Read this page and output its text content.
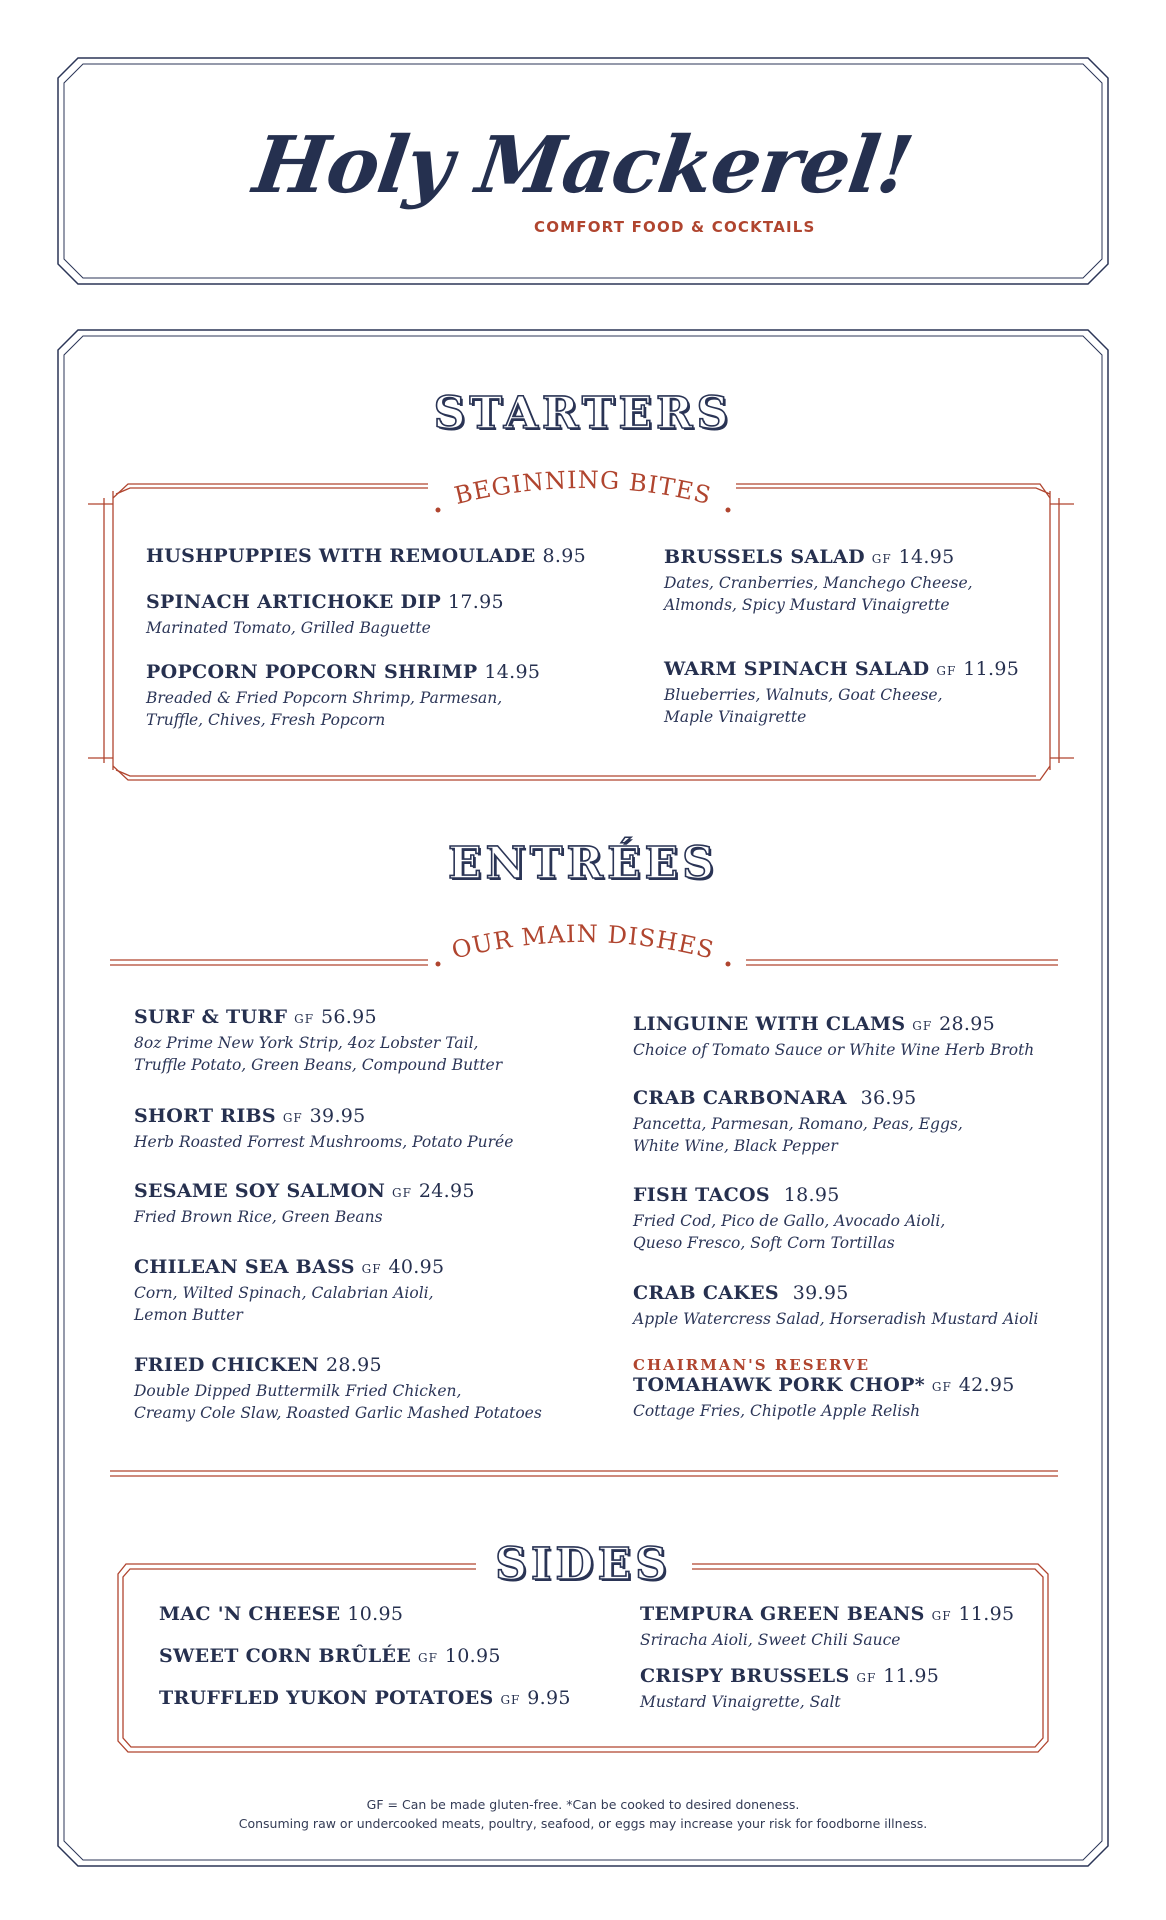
Holy Mackerel!
COMFORT FOOD & COCKTAILS
STARTERS
BEGINNING BITES
HUSHPUPPIES WITH REMOULADE 8.95
SPINACH ARTICHOKE DIP 17.95
Marinated Tomato, Grilled Baguette
POPCORN POPCORN SHRIMP 14.95
Breaded & Fried Popcorn Shrimp, Parmesan,
Truffle, Chives, Fresh Popcorn
BRUSSELS SALAD GF 14.95
Dates, Cranberries, Manchego Cheese,
Almonds, Spicy Mustard Vinaigrette
WARM SPINACH SALAD GF 11.95
Blueberries, Walnuts, Goat Cheese,
Maple Vinaigrette
ENTRÉES
OUR MAIN DISHES
SURF & TURF GF 56.95
8oz Prime New York Strip, 4oz Lobster Tail,
Truffle Potato, Green Beans, Compound Butter
SHORT RIBS GF 39.95
Herb Roasted Forrest Mushrooms, Potato Purée
SESAME SOY SALMON GF 24.95
Fried Brown Rice, Green Beans
CHILEAN SEA BASS GF 40.95
Corn, Wilted Spinach, Calabrian Aioli,
Lemon Butter
FRIED CHICKEN 28.95
Double Dipped Buttermilk Fried Chicken,
Creamy Cole Slaw, Roasted Garlic Mashed Potatoes
LINGUINE WITH CLAMS GF 28.95
Choice of Tomato Sauce or White Wine Herb Broth
CRAB CARBONARA 36.95
Pancetta, Parmesan, Romano, Peas, Eggs,
White Wine, Black Pepper
FISH TACOS 18.95
Fried Cod, Pico de Gallo, Avocado Aioli,
Queso Fresco, Soft Corn Tortillas
CRAB CAKES 39.95
Apple Watercress Salad, Horseradish Mustard Aioli
CHAIRMAN'S RESERVE
TOMAHAWK PORK CHOP* GF 42.95
Cottage Fries, Chipotle Apple Relish
SIDES
MAC 'N CHEESE 10.95
SWEET CORN BRÛLÉE GF 10.95
TRUFFLED YUKON POTATOES GF 9.95
TEMPURA GREEN BEANS GF 11.95
Sriracha Aioli, Sweet Chili Sauce
CRISPY BRUSSELS GF 11.95
Mustard Vinaigrette, Salt
GF = Can be made gluten-free. *Can be cooked to desired doneness.
Consuming raw or undercooked meats, poultry, seafood, or eggs may increase your risk for foodborne illness.
